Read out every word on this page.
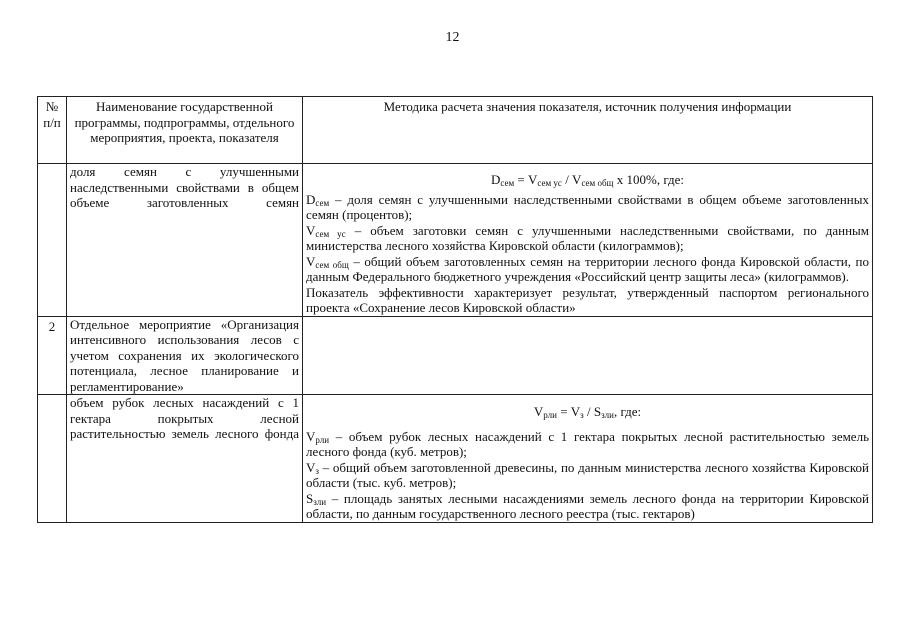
12
№ п/п	Наименование государственной программы, подпрограммы, отдельного мероприятия, проекта, показателя	Методика расчета значения показателя, источник получения информации
	доля семян с улучшенными наследственными свойствами в общем объеме заготовленных семян	$D_{сем} = V_{сем ус} / V_{сем общ}$ x 100%, где:

$D_{сем}$ – доля семян с улучшенными наследственными свойствами в общем объеме заготовленных семян (процентов);

$V_{сем ус}$ – объем заготовки семян с улучшенными наследственными свойствами, по данным министерства лесного хозяйства Кировской области (килограммов);

$V_{сем общ}$ – общий объем заготовленных семян на территории лесного фонда Кировской области, по данным Федерального бюджетного учреждения «Российский центр защиты леса» (килограммов).

Показатель эффективности характеризует результат, утвержденный паспортом регионального проекта «Сохранение лесов Кировской области»

2	Отдельное мероприятие «Организация интенсивного использования лесов с учетом сохранения их экологического потенциала, лесное планирование и регламентирование»	
	объем рубок лесных насаждений с 1 гектара покрытых лесной растительностью земель лесного фонда	$V_{рли} = V_з / S_{зли}$, где:

$V_{рли}$ – объем рубок лесных насаждений с 1 гектара покрытых лесной растительностью земель лесного фонда (куб. метров);

$V_з$ – общий объем заготовленной древесины, по данным министерства лесного хозяйства Кировской области (тыс. куб. метров);

$S_{зли}$ – площадь занятых лесными насаждениями земель лесного фонда на территории Кировской области, по данным государственного лесного реестра (тыс. гектаров)
